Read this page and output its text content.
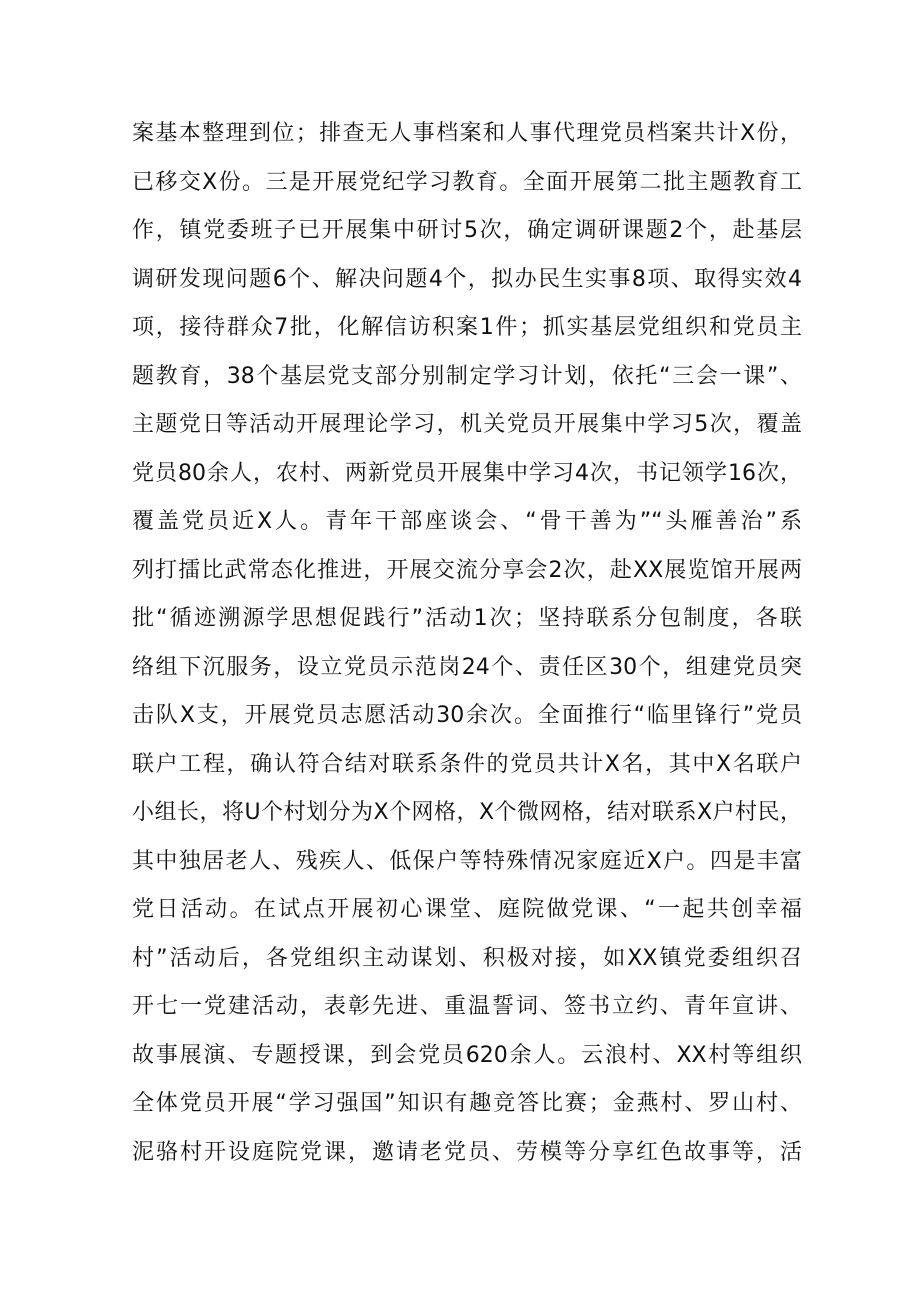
案基本整理到位；排查无人事档案和人事代理党员档案共计X份，
已移交X份。三是开展党纪学习教育。全面开展第二批主题教育工
作，镇党委班子已开展集中研讨5次，确定调研课题2个，赴基层
调研发现问题6个、解决问题4个，拟办民生实事8项、取得实效4
项，接待群众7批，化解信访积案1件；抓实基层党组织和党员主
题教育，38个基层党支部分别制定学习计划，依托“三会一课”、
主题党日等活动开展理论学习，机关党员开展集中学习5次，覆盖
党员80余人，农村、两新党员开展集中学习4次，书记领学16次，
覆盖党员近X人。青年干部座谈会、“骨干善为”“头雁善治”系
列打擂比武常态化推进，开展交流分享会2次，赴XX展览馆开展两
批“循迹溯源学思想促践行”活动1次；坚持联系分包制度，各联
络组下沉服务，设立党员示范岗24个、责任区30个，组建党员突
击队X支，开展党员志愿活动30余次。全面推行“临里锋行”党员
联户工程，确认符合结对联系条件的党员共计X名，其中X名联户
小组长，将U个村划分为X个网格，X个微网格，结对联系X户村民，
其中独居老人、残疾人、低保户等特殊情况家庭近X户。四是丰富
党日活动。在试点开展初心课堂、庭院做党课、“一起共创幸福
村”活动后，各党组织主动谋划、积极对接，如XX镇党委组织召
开七一党建活动，表彰先进、重温誓词、签书立约、青年宣讲、
故事展演、专题授课，到会党员620余人。云浪村、XX村等组织
全体党员开展“学习强国”知识有趣竞答比赛；金燕村、罗山村、
泥骆村开设庭院党课，邀请老党员、劳模等分享红色故事等，活
